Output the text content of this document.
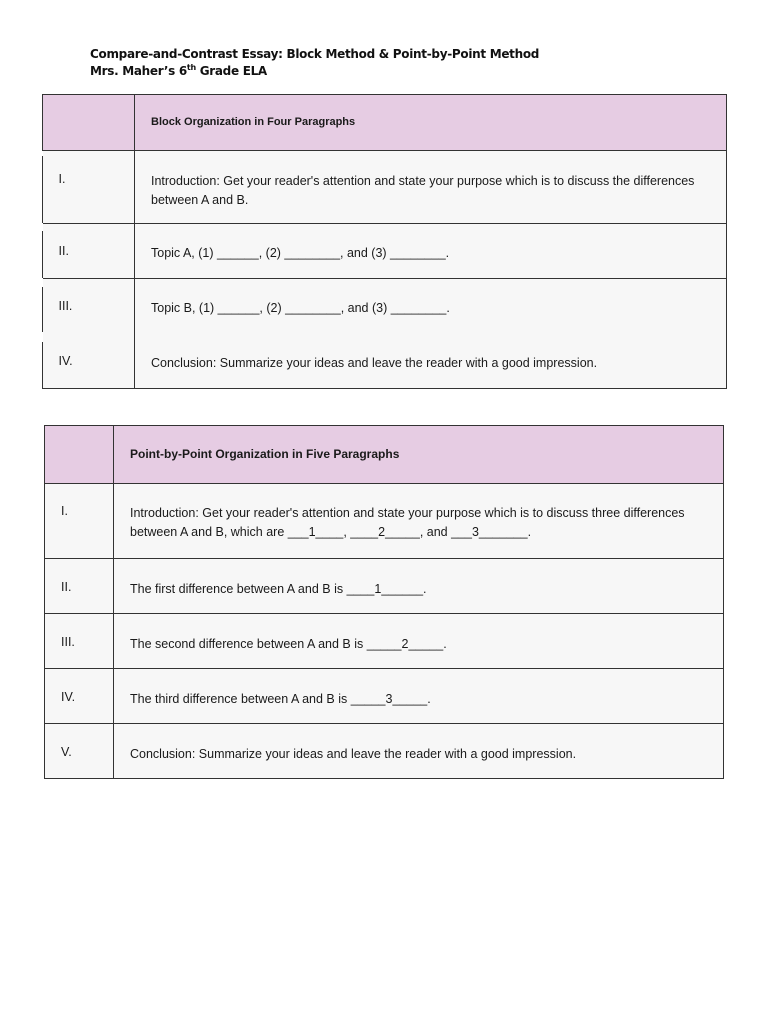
Compare-and-Contrast Essay: Block Method & Point-by-Point Method
Mrs. Maher’s 6th Grade ELA
	Block Organization in Four Paragraphs
I.	Introduction: Get your reader's attention and state your purpose which is to discuss the differences between A and B.
II.	Topic A, (1) ______, (2) ________, and (3) ________.
III.	Topic B, (1) ______, (2) ________, and (3) ________.
IV.	Conclusion: Summarize your ideas and leave the reader with a good impression.
	Point-by-Point Organization in Five Paragraphs
I.	Introduction: Get your reader's attention and state your purpose which is to discuss three differences between A and B, which are ___1____, ____2_____, and ___3_______.
II.	The first difference between A and B is ____1______.
III.	The second difference between A and B is _____2_____.
IV.	The third difference between A and B is _____3_____.
V.	Conclusion: Summarize your ideas and leave the reader with a good impression.
